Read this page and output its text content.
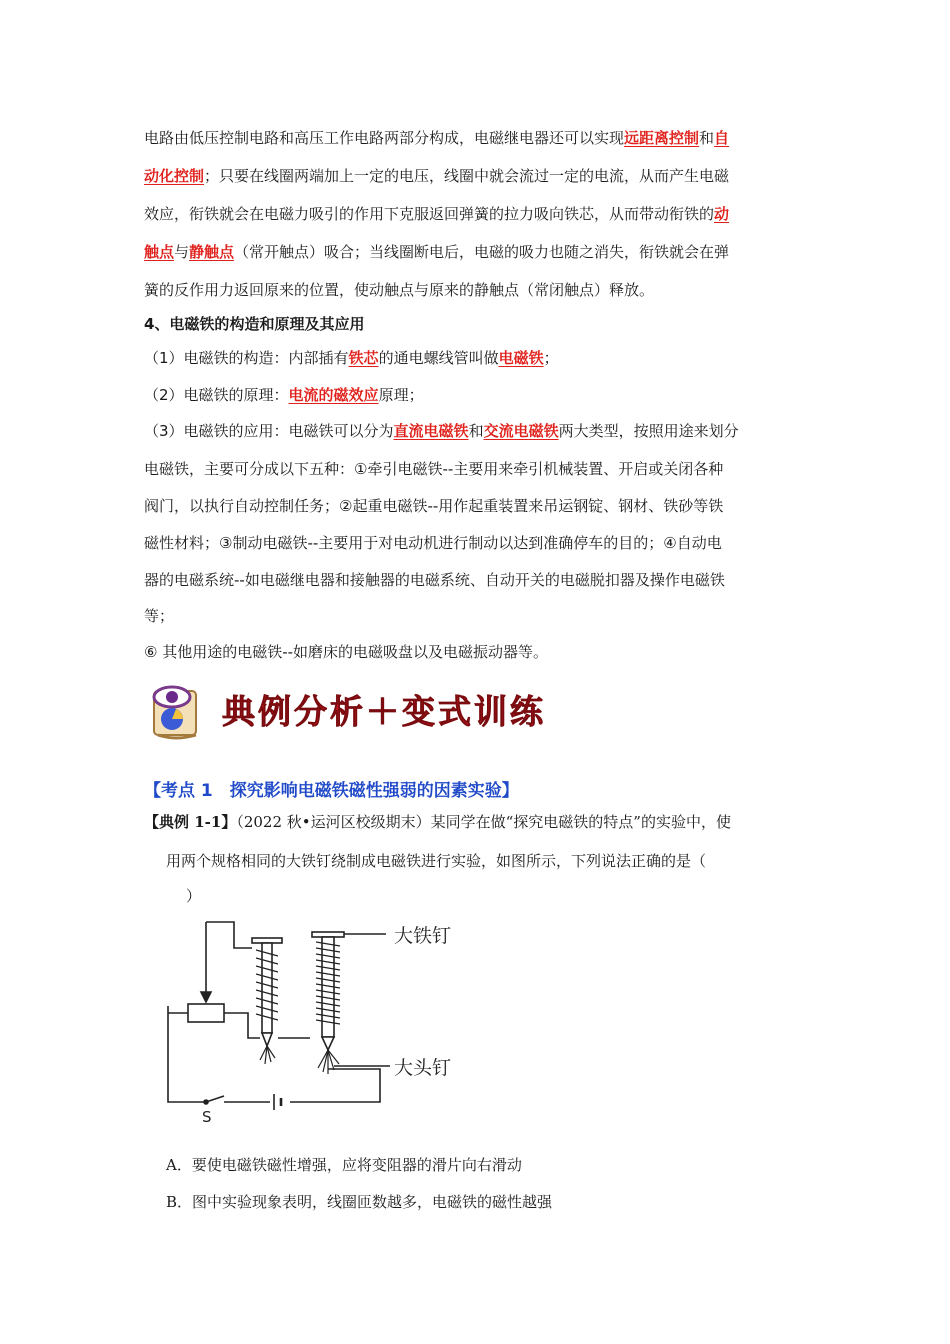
电路由低压控制电路和高压工作电路两部分构成，电磁继电器还可以实现远距离控制和自
动化控制；只要在线圈两端加上一定的电压，线圈中就会流过一定的电流，从而产生电磁
效应，衔铁就会在电磁力吸引的作用下克服返回弹簧的拉力吸向铁芯，从而带动衔铁的动
触点与静触点（常开触点）吸合；当线圈断电后，电磁的吸力也随之消失，衔铁就会在弹
簧的反作用力返回原来的位置，使动触点与原来的静触点（常闭触点）释放。
4、电磁铁的构造和原理及其应用
（1）电磁铁的构造：内部插有铁芯的通电螺线管叫做电磁铁；
（2）电磁铁的原理：电流的磁效应原理；
（3）电磁铁的应用：电磁铁可以分为直流电磁铁和交流电磁铁两大类型，按照用途来划分
电磁铁，主要可分成以下五种：①牵引电磁铁--主要用来牵引机械装置、开启或关闭各种
阀门，以执行自动控制任务；②起重电磁铁--用作起重装置来吊运钢锭、钢材、铁砂等铁
磁性材料；③制动电磁铁--主要用于对电动机进行制动以达到准确停车的目的；④自动电
器的电磁系统--如电磁继电器和接触器的电磁系统、自动开关的电磁脱扣器及操作电磁铁
等；
⑥ 其他用途的电磁铁--如磨床的电磁吸盘以及电磁振动器等。
典例分析＋变式训练
【考点 1　探究影响电磁铁磁性强弱的因素实验】
【典例 1-1】（2022 秋•运河区校级期末）某同学在做“探究电磁铁的特点”的实验中，使
用两个规格相同的大铁钉绕制成电磁铁进行实验，如图所示，下列说法正确的是（
）
S
大铁钉
大头钉
A．要使电磁铁磁性增强，应将变阻器的滑片向右滑动
B．图中实验现象表明，线圈匝数越多，电磁铁的磁性越强
